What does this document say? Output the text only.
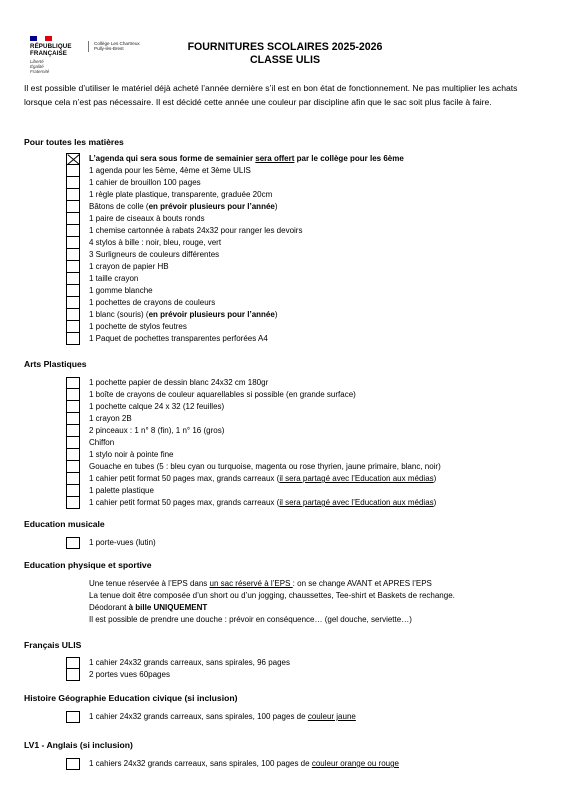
RÉPUBLIQUE
FRANÇAISE
Liberté
Égalité
Fraternité
Collège Les Chartreux
Pully-lès-Brest	FOURNITURES SCOLAIRES 2025-2026
CLASSE ULIS
Il est possible d’utiliser le matériel déjà acheté l’année dernière s’il est en bon état de fonctionnement. Ne pas multiplier les achats lorsque cela n’est pas nécessaire. Il est décidé cette année une couleur par discipline afin que le sac soit plus facile à faire.
Pour toutes les matières
Arts Plastiques
Education musicale
Education physique et sportive
Français ULIS
Histoire Géographie Education civique (si inclusion)
LV1 - Anglais (si inclusion)
L’agenda qui sera sous forme de semainier sera offert par le collège pour les 6ème
1 agenda pour les 5ème, 4ème et 3ème ULIS
1 cahier de brouillon 100 pages
1 règle plate plastique, transparente, graduée 20cm
Bâtons de colle (en prévoir plusieurs pour l’année)
1 paire de ciseaux à bouts ronds
1 chemise cartonnée à rabats 24x32 pour ranger les devoirs
4 stylos à bille : noir, bleu, rouge, vert
3 Surligneurs de couleurs différentes
1 crayon de papier HB
1 taille crayon
1 gomme blanche
1 pochettes de crayons de couleurs
1 blanc (souris) (en prévoir plusieurs pour l’année)
1 pochette de stylos feutres
1 Paquet de pochettes transparentes perforées A4
1 pochette papier de dessin blanc 24x32 cm 180gr
1 boîte de crayons de couleur aquarellables si possible (en grande surface)
1 pochette calque 24 x 32 (12 feuilles)
1 crayon 2B
2 pinceaux : 1 n° 8 (fin), 1 n° 16 (gros)
Chiffon
1 stylo noir à pointe fine
Gouache en tubes (5 : bleu cyan ou turquoise, magenta ou rose thyrien, jaune primaire, blanc, noir)
1 cahier petit format 50 pages max, grands carreaux (il sera partagé avec l’Education aux médias)
1 palette plastique
1 cahier petit format 50 pages max, grands carreaux (il sera partagé avec l’Education aux médias)
1 porte-vues (lutin)
1 cahier 24x32 grands carreaux, sans spirales, 96 pages
2 portes vues 60pages
1 cahier 24x32 grands carreaux, sans spirales, 100 pages de couleur jaune
1 cahiers 24x32 grands carreaux, sans spirales, 100 pages de couleur orange ou rouge
Une tenue réservée à l’EPS dans un sac réservé à l’EPS : on se change AVANT et APRES l’EPS
La tenue doit être composée d’un short ou d’un jogging, chaussettes, Tee-shirt et Baskets de rechange.
Déodorant à bille UNIQUEMENT
Il est possible de prendre une douche : prévoir en conséquence… (gel douche, serviette…)
